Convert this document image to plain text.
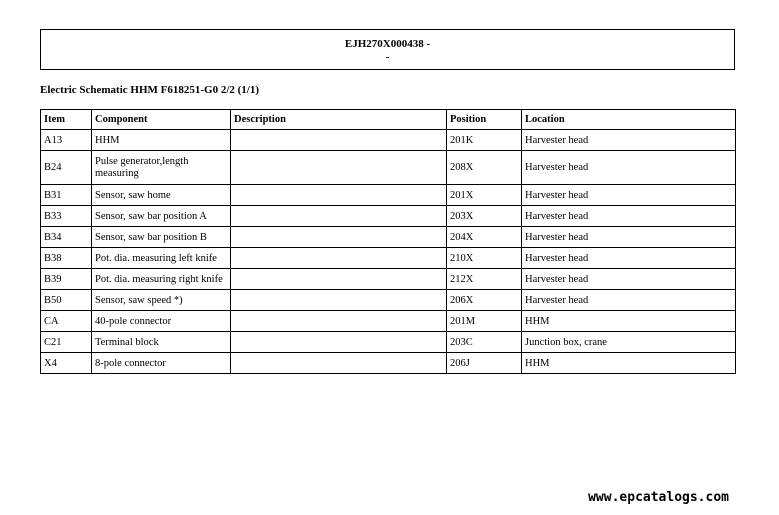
EJH270X000438 -
-
Electric Schematic HHM F618251-G0 2/2 (1/1)
Item	Component	Description	Position	Location
A13	HHM		201K	Harvester head
B24	Pulse generator,length measuring		208X	Harvester head
B31	Sensor, saw home		201X	Harvester head
B33	Sensor, saw bar position A		203X	Harvester head
B34	Sensor, saw bar position B		204X	Harvester head
B38	Pot. dia. measuring left knife		210X	Harvester head
B39	Pot. dia. measuring right knife		212X	Harvester head
B50	Sensor, saw speed *)		206X	Harvester head
CA	40-pole connector		201M	HHM
C21	Terminal block		203C	Junction box, crane
X4	8-pole connector		206J	HHM
www.epcatalogs.com
